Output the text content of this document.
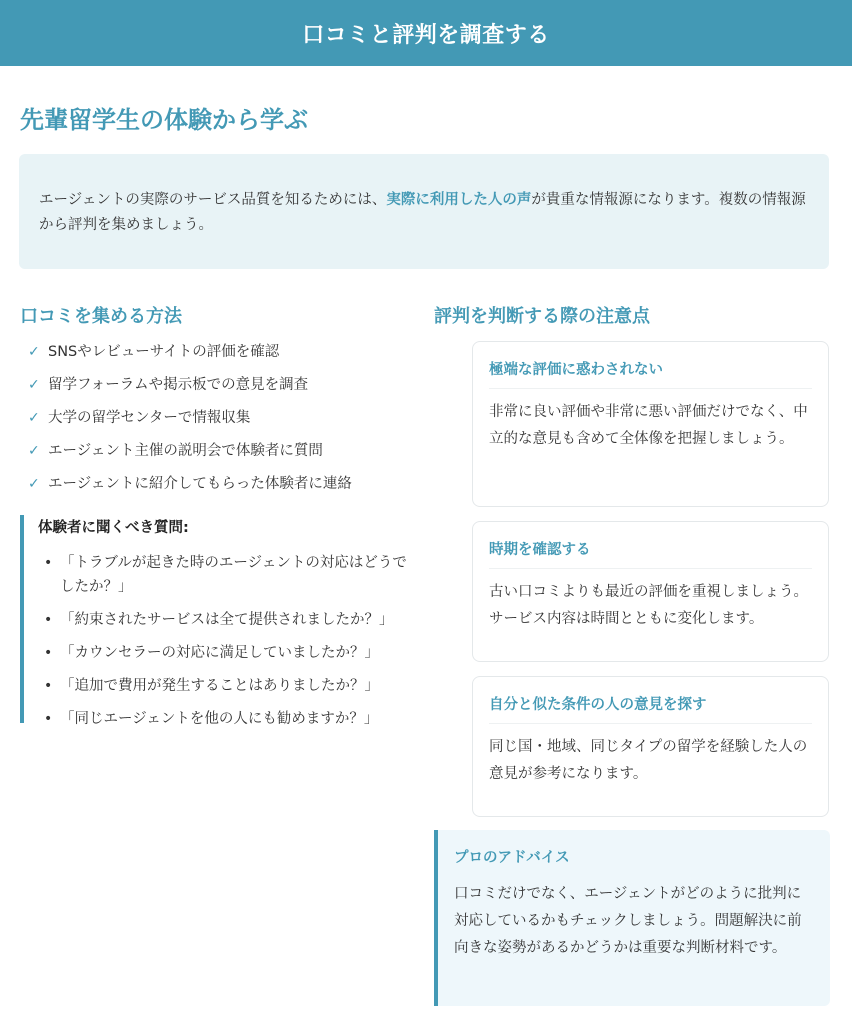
口コミと評判を調査する
先輩留学生の体験から学ぶ
エージェントの実際のサービス品質を知るためには、実際に利用した人の声が貴重な情報源になります。複数の情報源から評判を集めましょう。
口コミを集める方法
✓ SNSやレビューサイトの評価を確認
✓ 留学フォーラムや掲示板での意見を調査
✓ 大学の留学センターで情報収集
✓ エージェント主催の説明会で体験者に質問
✓ エージェントに紹介してもらった体験者に連絡
体験者に聞くべき質問:
• 「トラブルが起きた時のエージェントの対応はどうでしたか？」
• 「約束されたサービスは全て提供されましたか？」
• 「カウンセラーの対応に満足していましたか？」
• 「追加で費用が発生することはありましたか？」
• 「同じエージェントを他の人にも勧めますか？」
評判を判断する際の注意点
極端な評価に惑わされない
非常に良い評価や非常に悪い評価だけでなく、中立的な意見も含めて全体像を把握しましょう。
時期を確認する
古い口コミよりも最近の評価を重視しましょう。サービス内容は時間とともに変化します。
自分と似た条件の人の意見を探す
同じ国・地域、同じタイプの留学を経験した人の意見が参考になります。
プロのアドバイス
口コミだけでなく、エージェントがどのように批判に対応しているかもチェックしましょう。問題解決に前向きな姿勢があるかどうかは重要な判断材料です。
